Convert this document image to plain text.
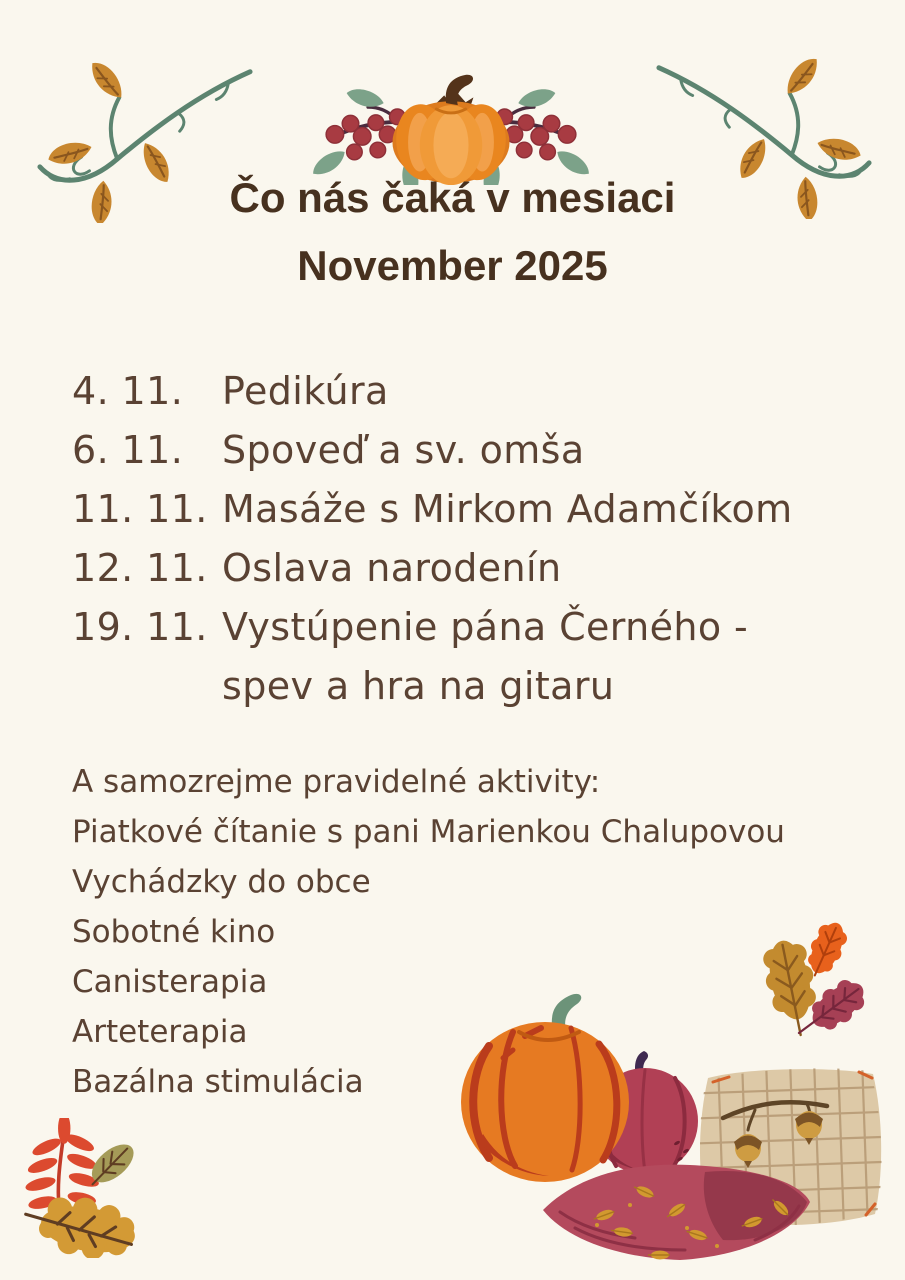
Čo nás čaká v mesiaci
November 2025
4. 11.	Pedikúra
6. 11.	Spoveď a sv. omša
11. 11. Masáže s Mirkom Adamčíkom
12. 11. Oslava narodenín
19. 11. Vystúpenie pána Černého -
spev a hra na gitaru
A samozrejme pravidelné aktivity:
Piatkové čítanie s pani Marienkou Chalupovou
Vychádzky do obce
Sobotné kino
Canisterapia
Arteterapia
Bazálna stimulácia
